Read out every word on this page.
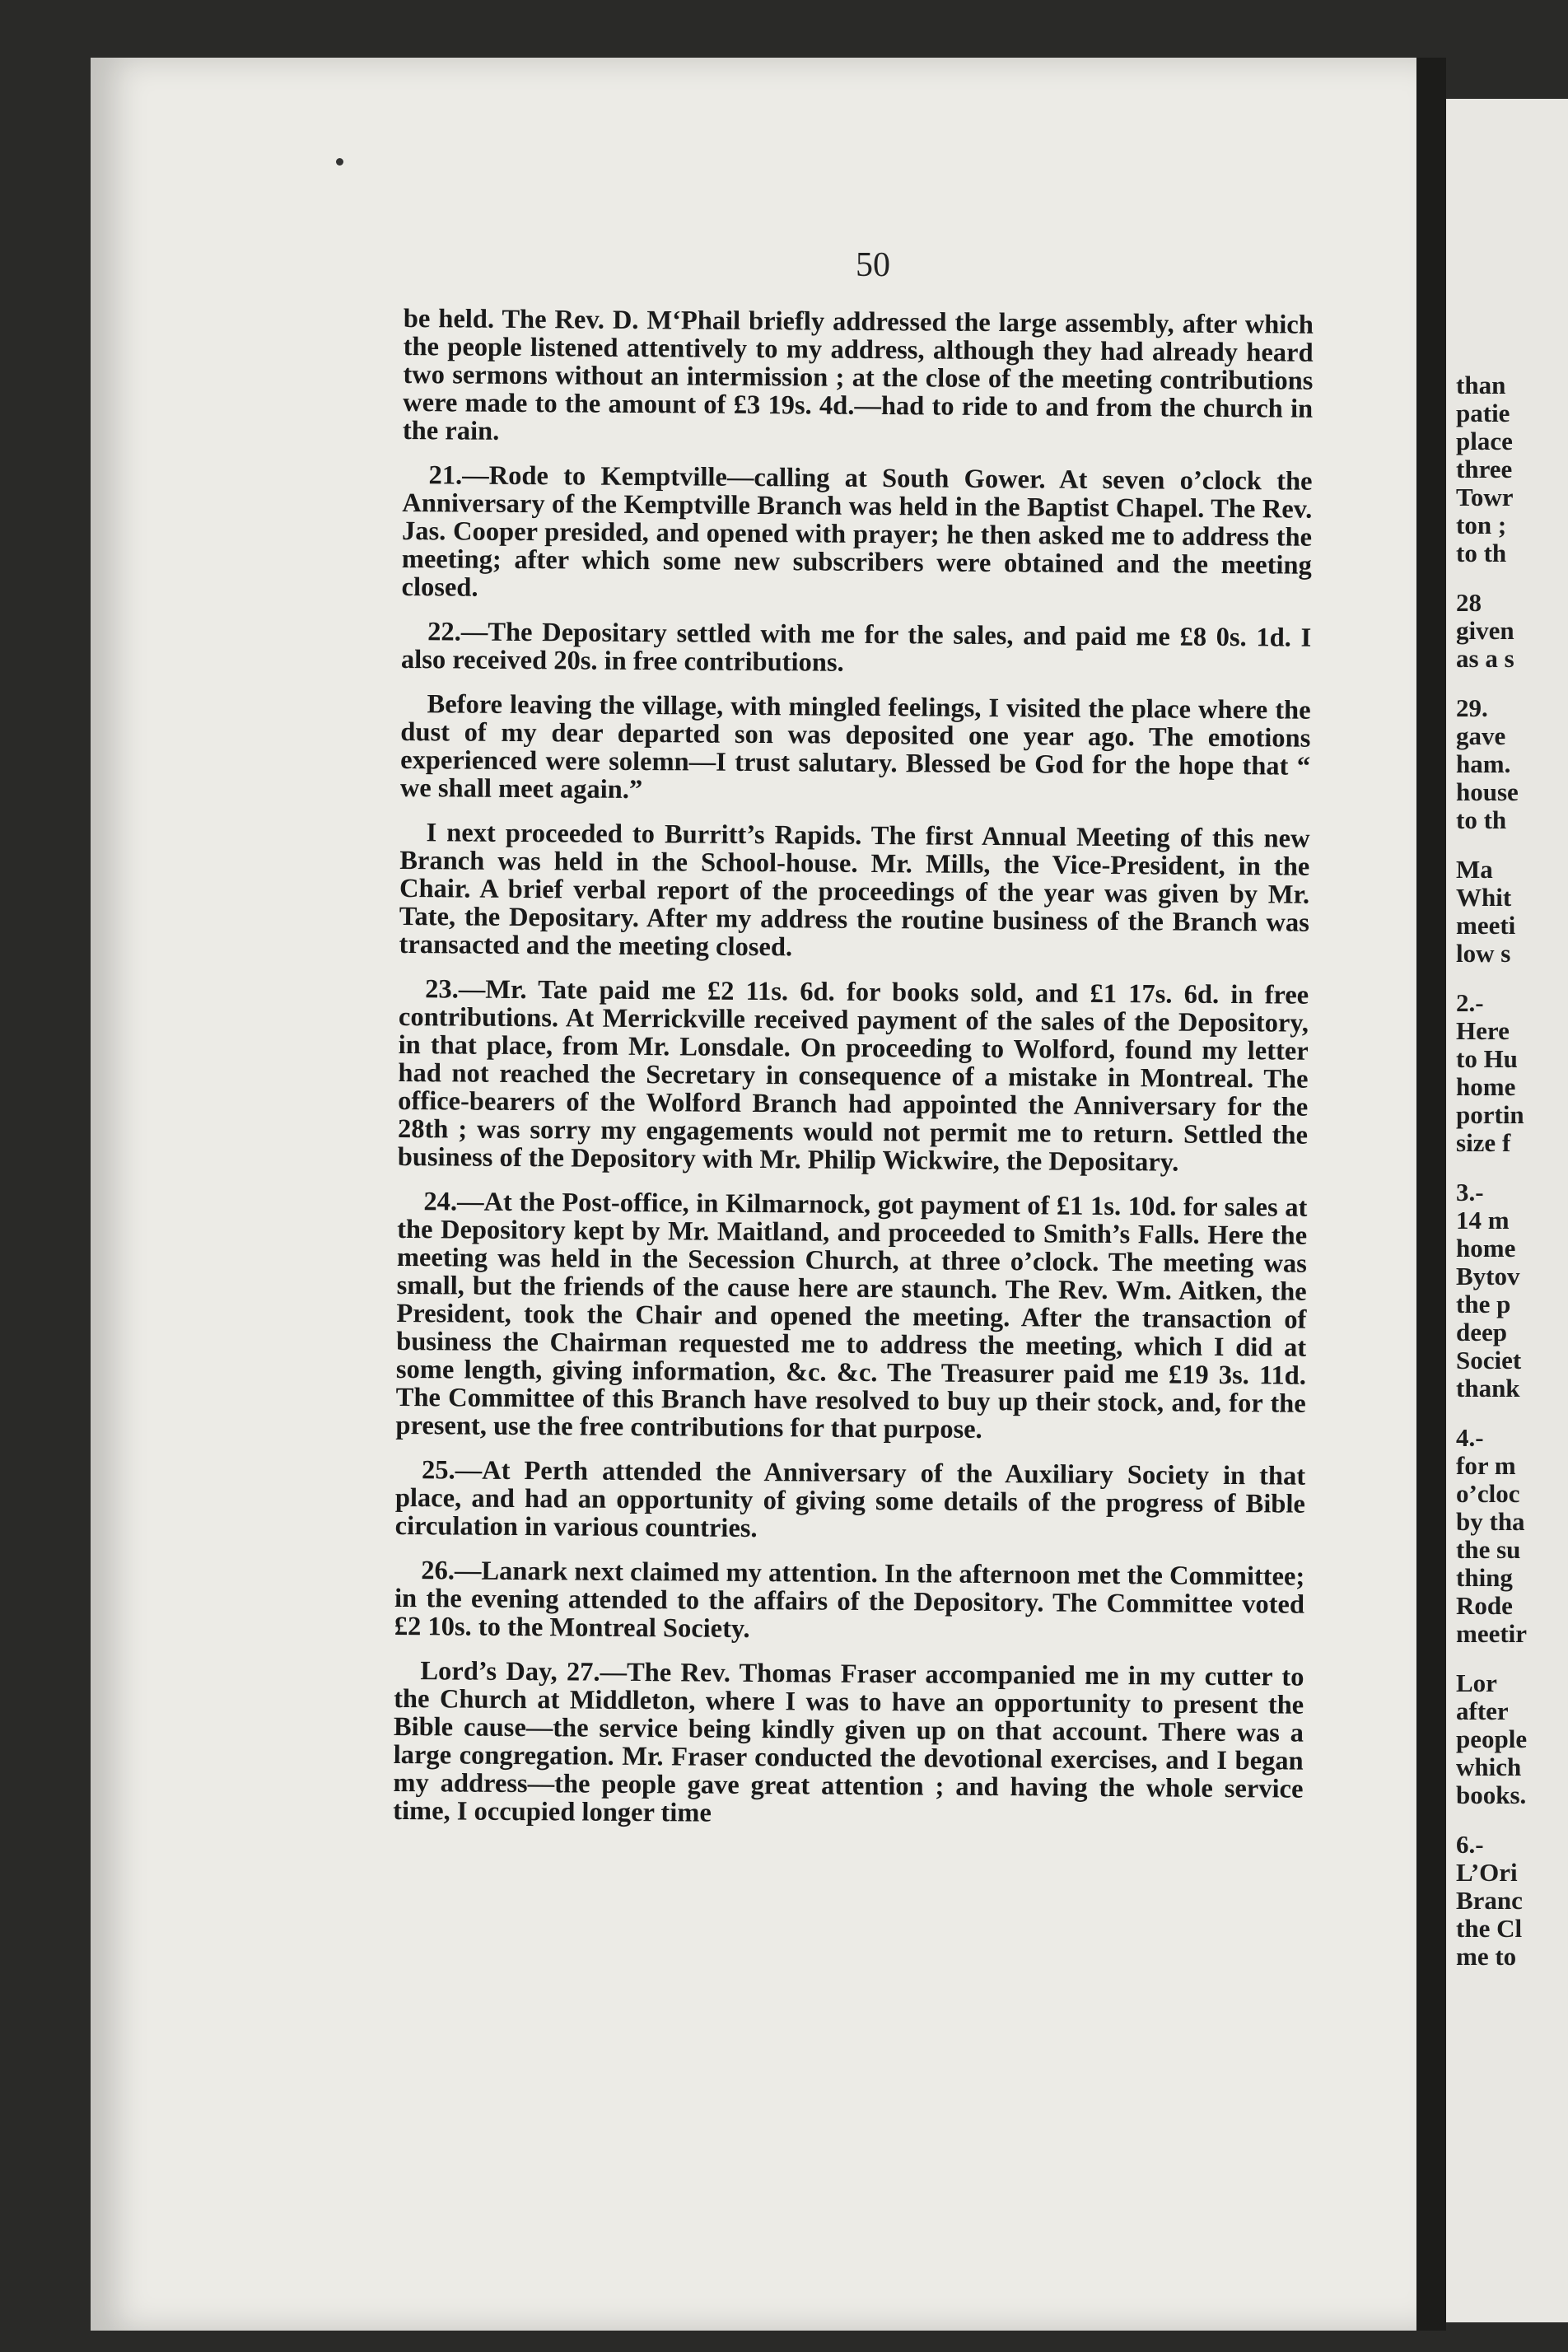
50

be held. The Rev. D. M‘Phail briefly addressed the large assembly, after which the people listened attentively to my address, although they had already heard two sermons without an intermission ; at the close of the meeting contributions were made to the amount of £3 19s. 4d.—had to ride to and from the church in the rain.

21.—Rode to Kemptville—calling at South Gower. At seven o’clock the Anniversary of the Kemptville Branch was held in the Baptist Chapel. The Rev. Jas. Cooper presided, and opened with prayer; he then asked me to address the meeting; after which some new subscribers were obtained and the meeting closed.

22.—The Depositary settled with me for the sales, and paid me £8 0s. 1d. I also received 20s. in free contributions.

Before leaving the village, with mingled feelings, I visited the place where the dust of my dear departed son was deposited one year ago. The emotions experienced were solemn—I trust salutary. Blessed be God for the hope that “ we shall meet again.”

I next proceeded to Burritt’s Rapids. The first Annual Meeting of this new Branch was held in the School-house. Mr. Mills, the Vice-President, in the Chair. A brief verbal report of the proceedings of the year was given by Mr. Tate, the Depositary. After my address the routine business of the Branch was transacted and the meeting closed.

23.—Mr. Tate paid me £2 11s. 6d. for books sold, and £1 17s. 6d. in free contributions. At Merrickville received payment of the sales of the Depository, in that place, from Mr. Lonsdale. On proceeding to Wolford, found my letter had not reached the Secretary in consequence of a mistake in Montreal. The office-bearers of the Wolford Branch had appointed the Anniversary for the 28th ; was sorry my engagements would not permit me to return. Settled the business of the Depository with Mr. Philip Wickwire, the Depositary.

24.—At the Post-office, in Kilmarnock, got payment of £1 1s. 10d. for sales at the Depository kept by Mr. Maitland, and proceeded to Smith’s Falls. Here the meeting was held in the Secession Church, at three o’clock. The meeting was small, but the friends of the cause here are staunch. The Rev. Wm. Aitken, the President, took the Chair and opened the meeting. After the transaction of business the Chairman requested me to address the meeting, which I did at some length, giving information, &c. &c. The Treasurer paid me £19 3s. 11d. The Committee of this Branch have resolved to buy up their stock, and, for the present, use the free contributions for that purpose.

25.—At Perth attended the Anniversary of the Auxiliary Society in that place, and had an opportunity of giving some details of the progress of Bible circulation in various countries.

26.—Lanark next claimed my attention. In the afternoon met the Committee; in the evening attended to the affairs of the Depository. The Committee voted £2 10s. to the Montreal Society.

Lord’s Day, 27.—The Rev. Thomas Fraser accompanied me in my cutter to the Church at Middleton, where I was to have an opportunity to present the Bible cause—the service being kindly given up on that account. There was a large congregation. Mr. Fraser conducted the devotional exercises, and I began my address—the people gave great attention ; and having the whole service time, I occupied longer time

than
patie
place
three
Towr
ton ;
to th
28
given
as a s
29.
gave
ham.
house
to th
Ma
Whit
meeti
low s
2.-
Here
to Hu
home
portin
size f
3.-
14 m
home
Bytov
the p
deep
Societ
thank
4.-
for m
o’cloc
by tha
the su
thing
Rode
meetir
Lor
after
people
which
books.
6.-
L’Ori
Branc
the Cl
me to
